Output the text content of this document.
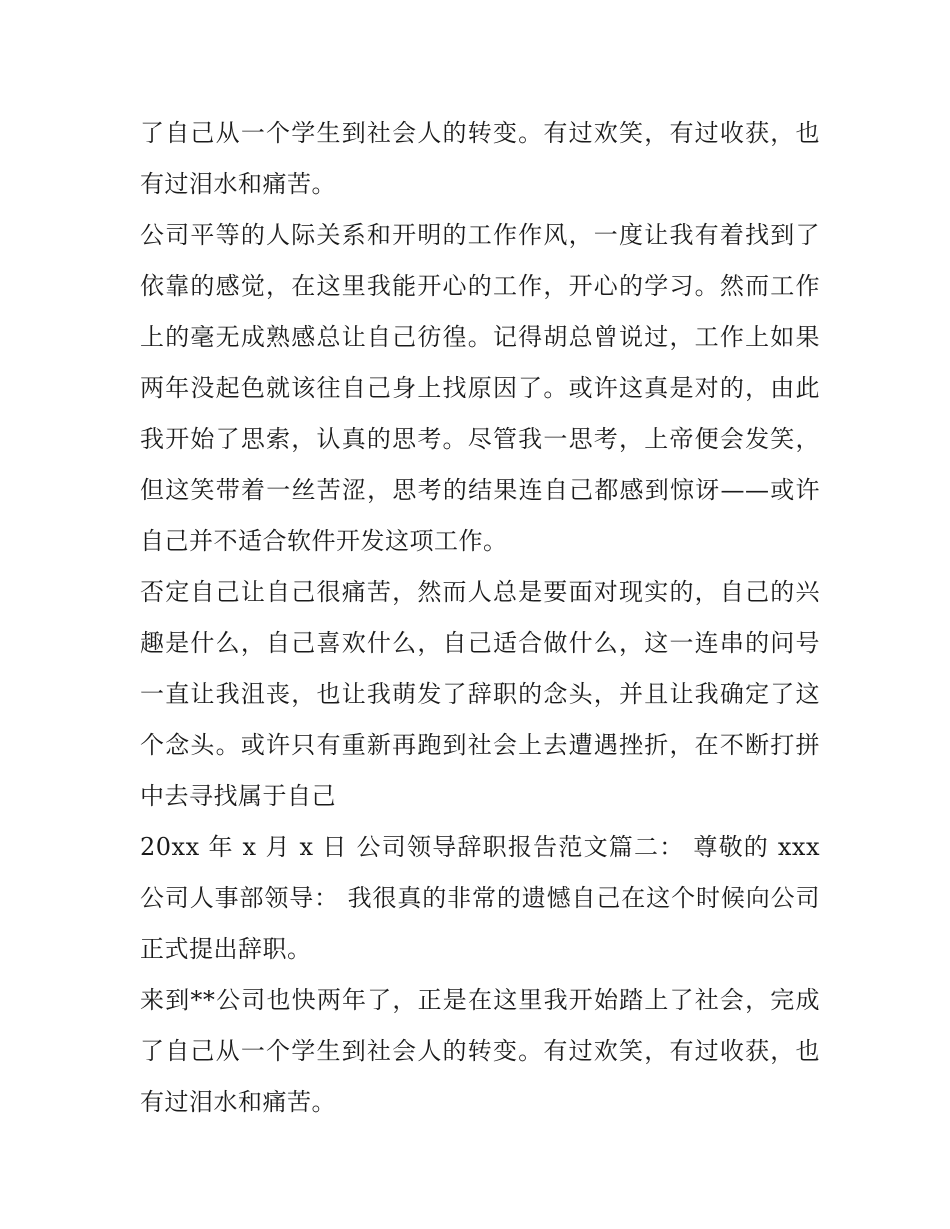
了自己从一个学生到社会人的转变。有过欢笑，有过收获，也有过泪水和痛苦。

公司平等的人际关系和开明的工作作风，一度让我有着找到了依靠的感觉，在这里我能开心的工作，开心的学习。然而工作上的毫无成熟感总让自己彷徨。记得胡总曾说过，工作上如果两年没起色就该往自己身上找原因了。或许这真是对的，由此我开始了思索，认真的思考。尽管我一思考，上帝便会发笑，但这笑带着一丝苦涩，思考的结果连自己都感到惊讶——或许自己并不适合软件开发这项工作。

否定自己让自己很痛苦，然而人总是要面对现实的，自己的兴趣是什么，自己喜欢什么，自己适合做什么，这一连串的问号一直让我沮丧，也让我萌发了辞职的念头，并且让我确定了这个念头。或许只有重新再跑到社会上去遭遇挫折，在不断打拼中去寻找属于自己

20xx 年 x 月 x 日 公司领导辞职报告范文篇二： 尊敬的 xxx 公司人事部领导： 我很真的非常的遗憾自己在这个时候向公司正式提出辞职。

来到**公司也快两年了，正是在这里我开始踏上了社会，完成了自己从一个学生到社会人的转变。有过欢笑，有过收获，也有过泪水和痛苦。
